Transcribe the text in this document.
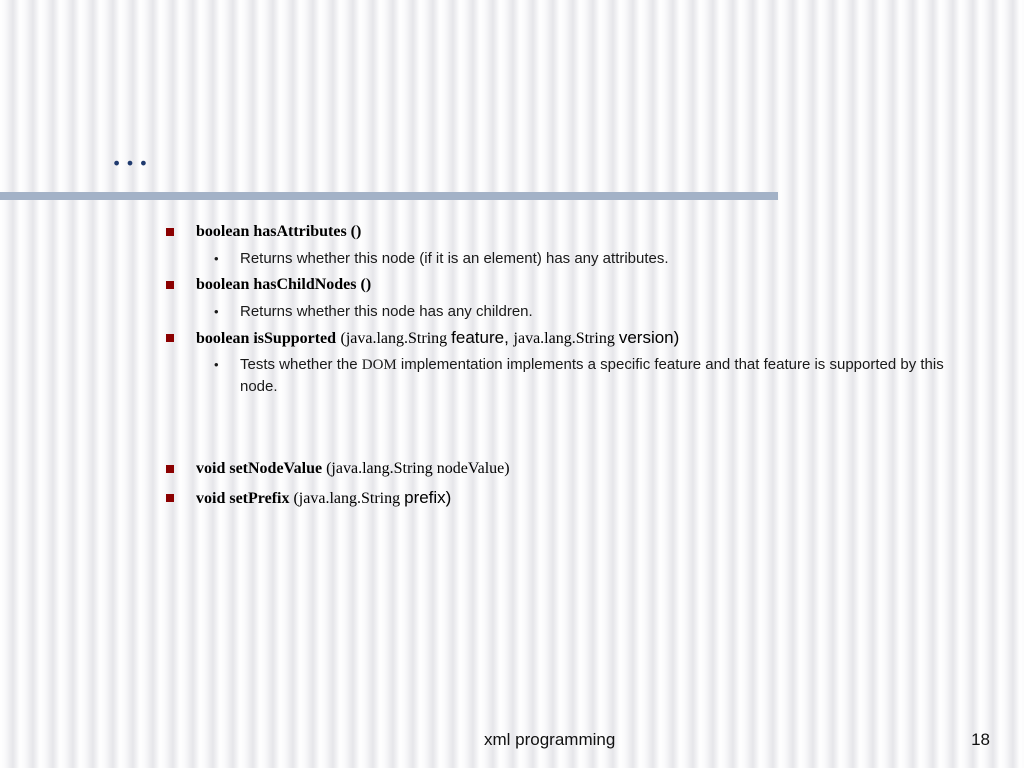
…
boolean hasAttributes ()
• Returns whether this node (if it is an element) has any attributes.
boolean hasChildNodes ()
• Returns whether this node has any children.
boolean isSupported (java.lang.String feature, java.lang.String version)
• Tests whether the DOM implementation implements a specific feature and that feature is supported by this node.
void setNodeValue (java.lang.String nodeValue)
void setPrefix (java.lang.String prefix)
xml programming	18
